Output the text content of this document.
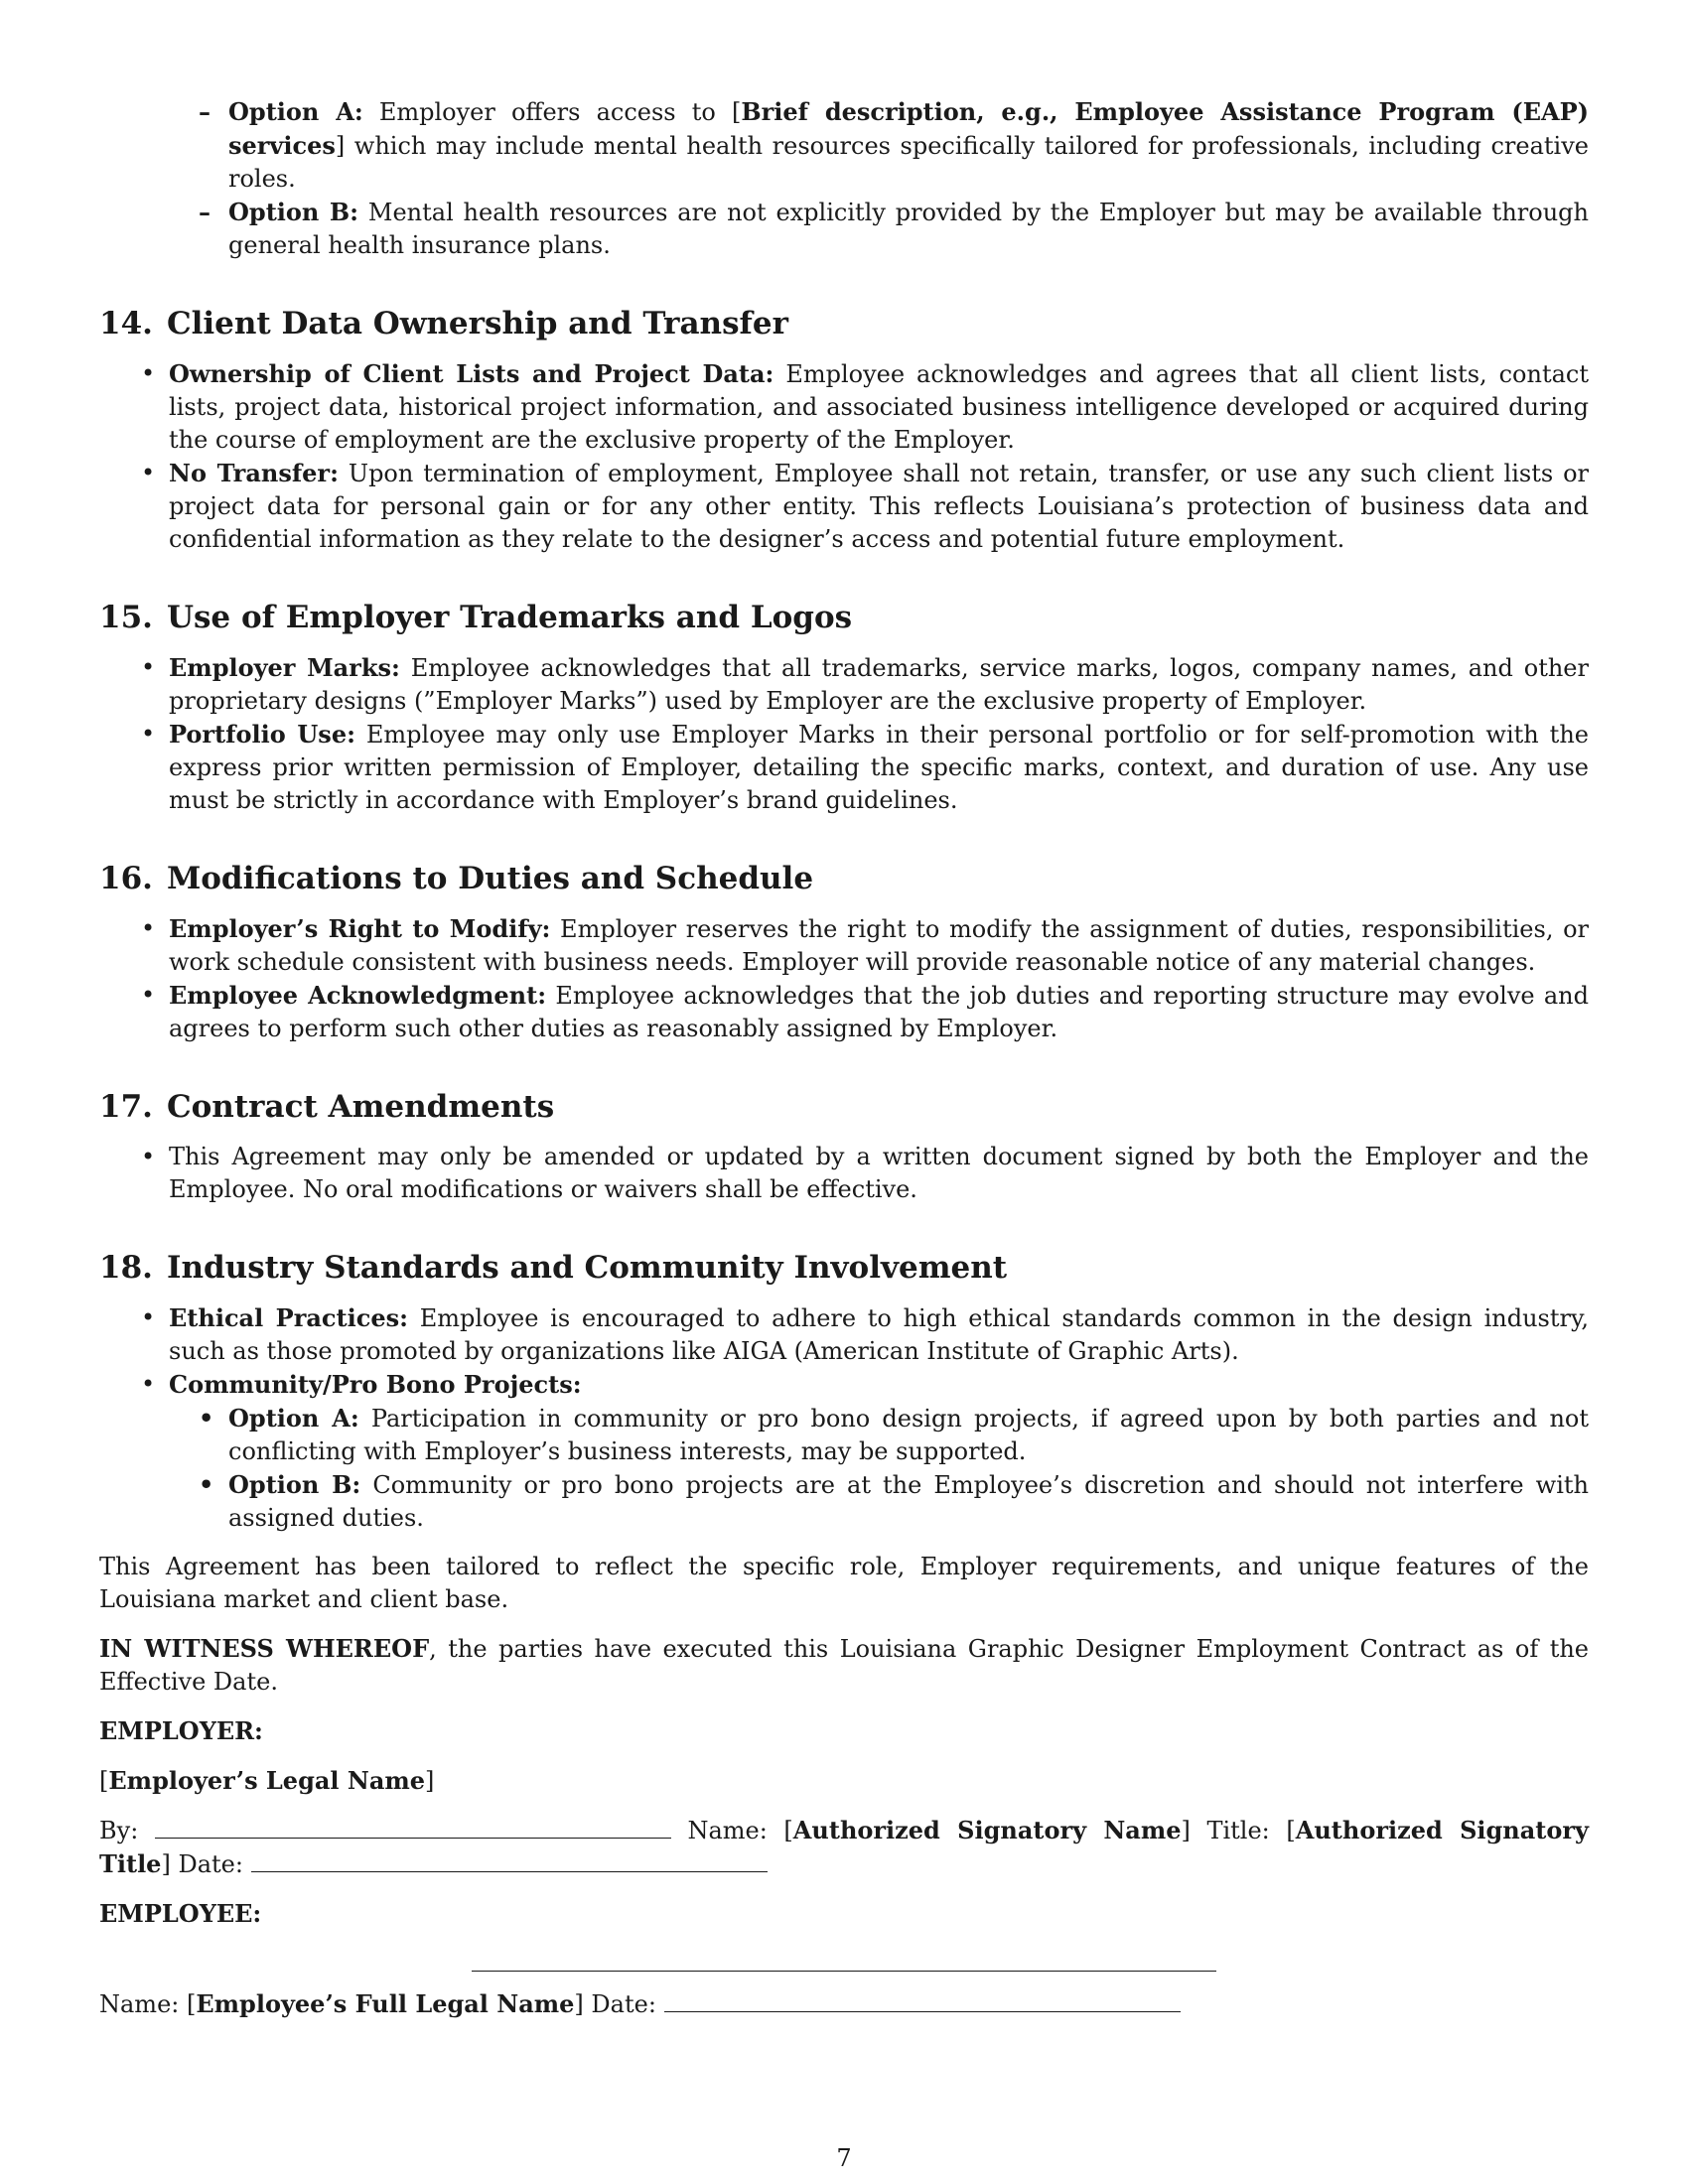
– Option A: Employer offers access to [Brief description, e.g., Employee Assistance Program (EAP) services] which may include mental health resources specifically tailored for professionals, including creative roles.
– Option B: Mental health resources are not explicitly provided by the Employer but may be available through general health insurance plans.
14. Client Data Ownership and Transfer
• Ownership of Client Lists and Project Data: Employee acknowledges and agrees that all client lists, contact lists, project data, historical project information, and associated business intelligence developed or acquired during the course of employment are the exclusive property of the Employer.
• No Transfer: Upon termination of employment, Employee shall not retain, transfer, or use any such client lists or project data for personal gain or for any other entity. This reflects Louisiana’s protection of business data and confidential information as they relate to the designer’s access and potential future employment.
15. Use of Employer Trademarks and Logos
• Employer Marks: Employee acknowledges that all trademarks, service marks, logos, company names, and other proprietary designs (”Employer Marks”) used by Employer are the exclusive property of Employer.
• Portfolio Use: Employee may only use Employer Marks in their personal portfolio or for self-promotion with the express prior written permission of Employer, detailing the specific marks, context, and duration of use. Any use must be strictly in accordance with Employer’s brand guidelines.
16. Modifications to Duties and Schedule
• Employer’s Right to Modify: Employer reserves the right to modify the assignment of duties, responsibilities, or work schedule consistent with business needs. Employer will provide reasonable notice of any material changes.
• Employee Acknowledgment: Employee acknowledges that the job duties and reporting structure may evolve and agrees to perform such other duties as reasonably assigned by Employer.
17. Contract Amendments
• This Agreement may only be amended or updated by a written document signed by both the Employer and the Employee. No oral modifications or waivers shall be effective.
18. Industry Standards and Community Involvement
• Ethical Practices: Employee is encouraged to adhere to high ethical standards common in the design industry, such as those promoted by organizations like AIGA (American Institute of Graphic Arts).
• Community/Pro Bono Projects:
• Option A: Participation in community or pro bono design projects, if agreed upon by both parties and not conflicting with Employer’s business interests, may be supported.
• Option B: Community or pro bono projects are at the Employee’s discretion and should not interfere with assigned duties.

This Agreement has been tailored to reflect the specific role, Employer requirements, and unique features of the Louisiana market and client base.

IN WITNESS WHEREOF, the parties have executed this Louisiana Graphic Designer Employment Contract as of the Effective Date.

EMPLOYER:

[Employer’s Legal Name]

By:	Name: [Authorized Signatory Name] Title: [Authorized Signatory Title] Date:

EMPLOYEE:

Name: [Employee’s Full Legal Name] Date:

7
